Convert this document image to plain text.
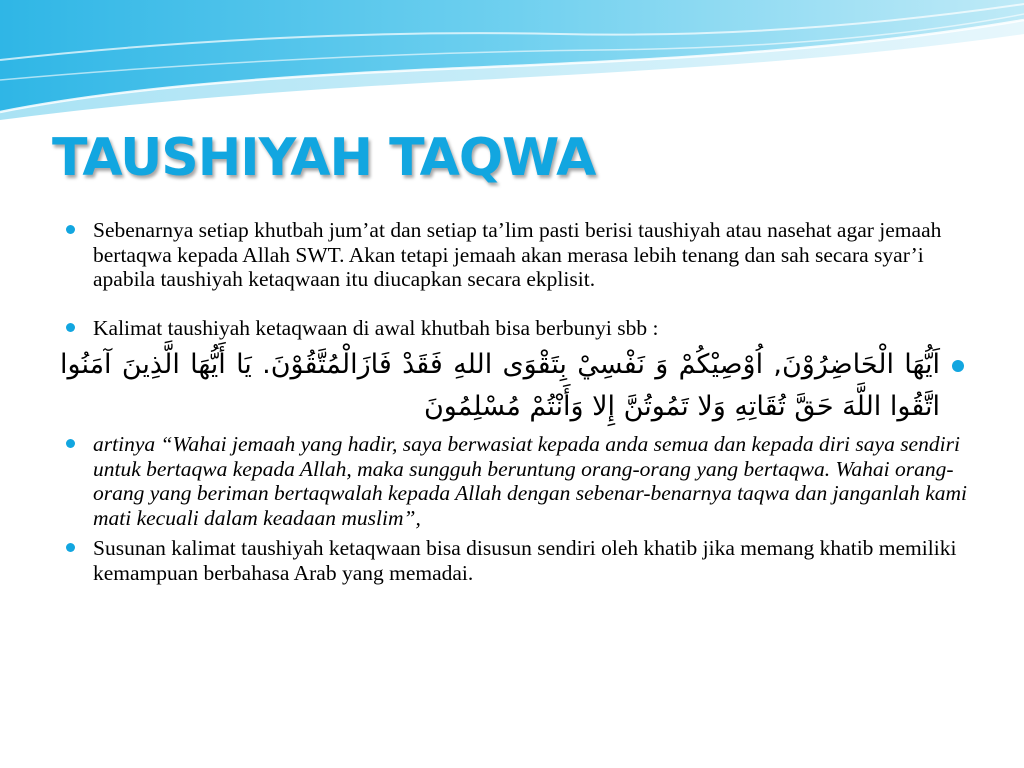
TAUSHIYAH TAQWA
Sebenarnya setiap khutbah jum’at dan setiap ta’lim pasti berisi taushiyah atau nasehat agar jemaah bertaqwa kepada Allah SWT. Akan tetapi jemaah akan merasa lebih tenang dan sah secara syar’i apabila taushiyah ketaqwaan itu diucapkan secara ekplisit.
Kalimat taushiyah ketaqwaan di awal khutbah bisa berbunyi sbb :
اَيُّهَا الْحَاضِرُوْنَ, اُوْصِيْكُمْ وَ نَفْسِيْ بِتَقْوَى اللهِ فَقَدْ فَازَالْمُتَّقُوْنَ. يَا أَيُّهَا الَّذِينَ آمَنُوا اتَّقُوا اللَّهَ حَقَّ تُقَاتِهِ وَلا تَمُوتُنَّ إِلا وَأَنْتُمْ مُسْلِمُونَ
artinya “Wahai jemaah yang hadir, saya berwasiat kepada anda semua dan kepada diri saya sendiri untuk bertaqwa kepada Allah, maka sungguh beruntung orang-orang yang bertaqwa. Wahai orang-orang yang beriman bertaqwalah kepada Allah dengan sebenar-benarnya taqwa dan janganlah kami mati kecuali dalam keadaan muslim”,
Susunan kalimat taushiyah ketaqwaan bisa disusun sendiri oleh khatib jika memang khatib memiliki kemampuan berbahasa Arab yang memadai.
